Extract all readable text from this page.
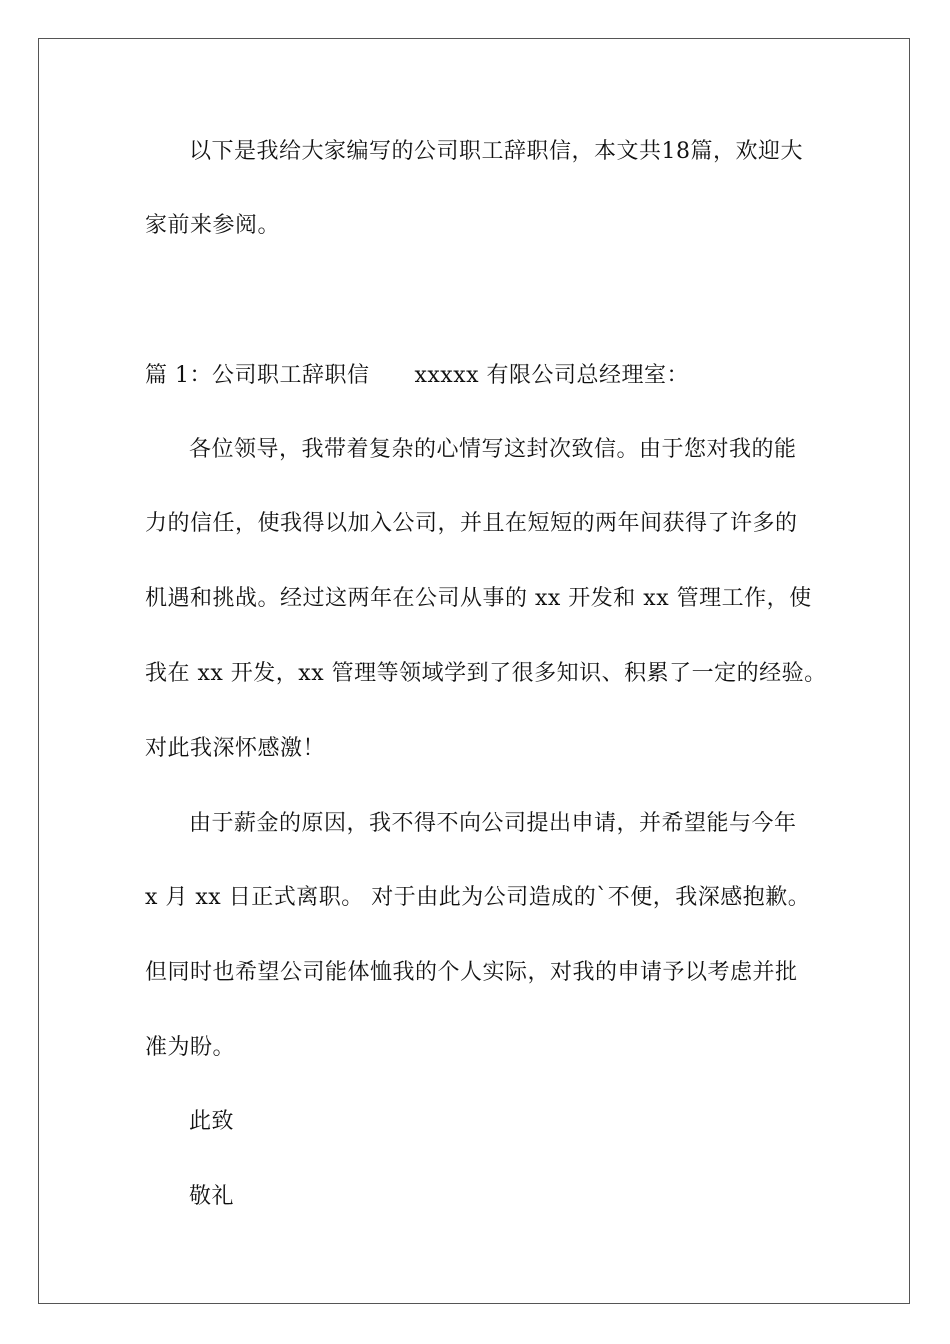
以下是我给大家编写的公司职工辞职信，本文共18篇，欢迎大
家前来参阅。
篇 1：公司职工辞职信　　xxxxx 有限公司总经理室：
各位领导，我带着复杂的心情写这封次致信。由于您对我的能
力的信任，使我得以加入公司，并且在短短的两年间获得了许多的
机遇和挑战。经过这两年在公司从事的 xx 开发和 xx 管理工作，使
我在 xx 开发，xx 管理等领域学到了很多知识、积累了一定的经验。
对此我深怀感激！
由于薪金的原因，我不得不向公司提出申请，并希望能与今年
x 月 xx 日正式离职。 对于由此为公司造成的`不便，我深感抱歉。
但同时也希望公司能体恤我的个人实际，对我的申请予以考虑并批
准为盼。
此致
敬礼
